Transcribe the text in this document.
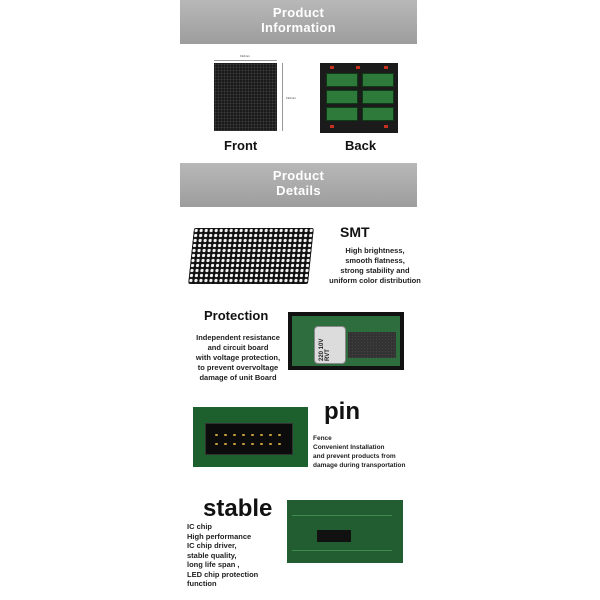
Product
Information
192mm
192mm
Front	Back
Product
Details
SMT
High brightness,
smooth flatness,
strong stability and
uniform color distribution
Protection
Independent resistance
and circuit board
with voltage protection,
to prevent overvoltage
damage of unit Board
220 10V RVT
pin
Fence
Convenient Installation
and prevent products from
damage during transportation
stable
IC chip
High performance
IC chip driver,
stable quality,
long life span ,
LED chip protection
function
